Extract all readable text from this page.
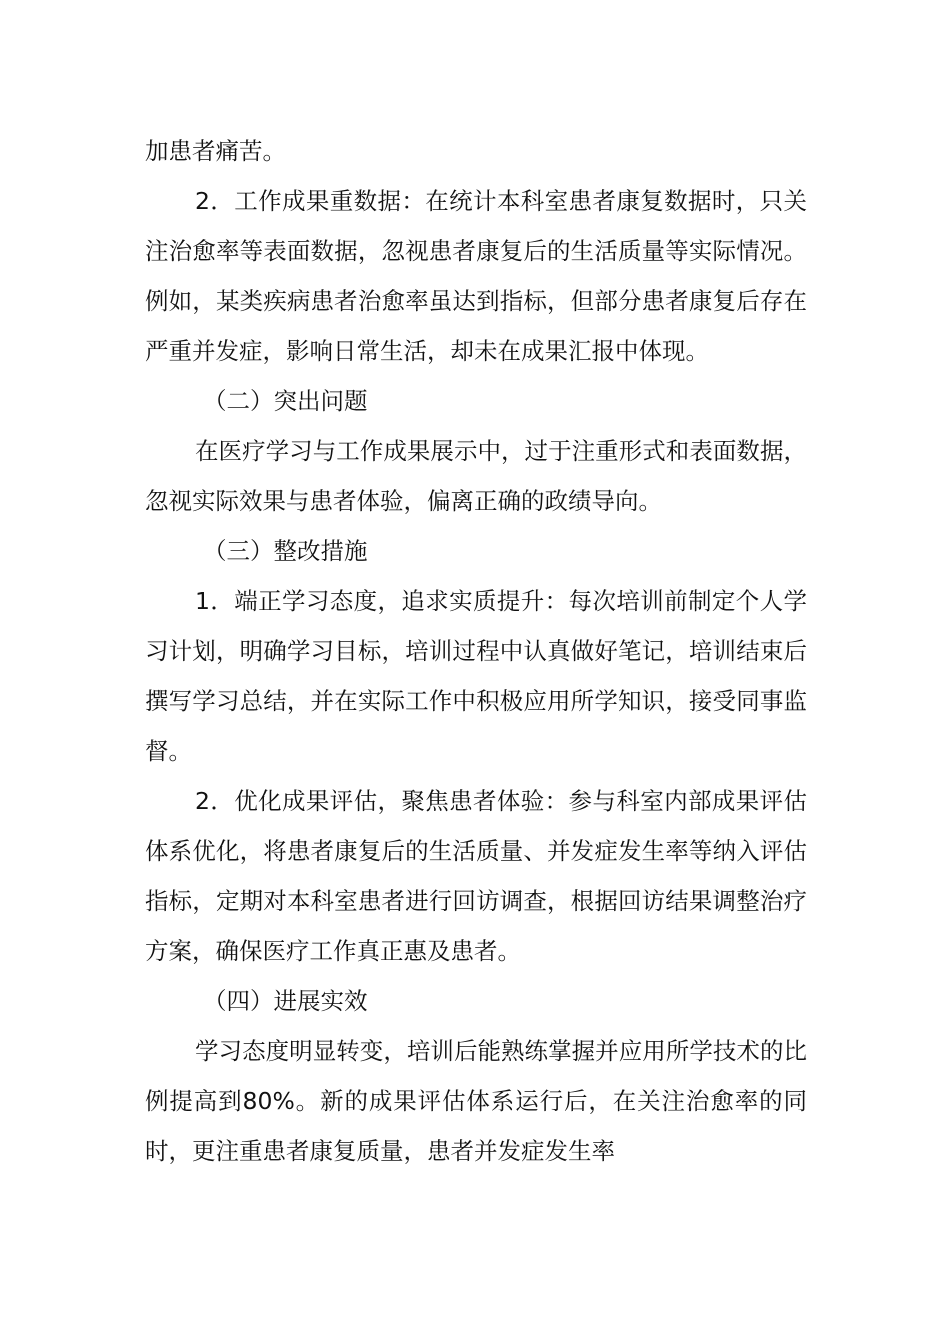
加患者痛苦。

2．工作成果重数据：在统计本科室患者康复数据时，只关注治愈率等表面数据，忽视患者康复后的生活质量等实际情况。例如，某类疾病患者治愈率虽达到指标，但部分患者康复后存在严重并发症，影响日常生活，却未在成果汇报中体现。

（二）突出问题

在医疗学习与工作成果展示中，过于注重形式和表面数据，忽视实际效果与患者体验，偏离正确的政绩导向。

（三）整改措施

1．端正学习态度，追求实质提升：每次培训前制定个人学习计划，明确学习目标，培训过程中认真做好笔记，培训结束后撰写学习总结，并在实际工作中积极应用所学知识，接受同事监督。

2．优化成果评估，聚焦患者体验：参与科室内部成果评估体系优化，将患者康复后的生活质量、并发症发生率等纳入评估指标，定期对本科室患者进行回访调查，根据回访结果调整治疗方案，确保医疗工作真正惠及患者。

（四）进展实效

学习态度明显转变，培训后能熟练掌握并应用所学技术的比例提高到80%。新的成果评估体系运行后，在关注治愈率的同时，更注重患者康复质量，患者并发症发生率
